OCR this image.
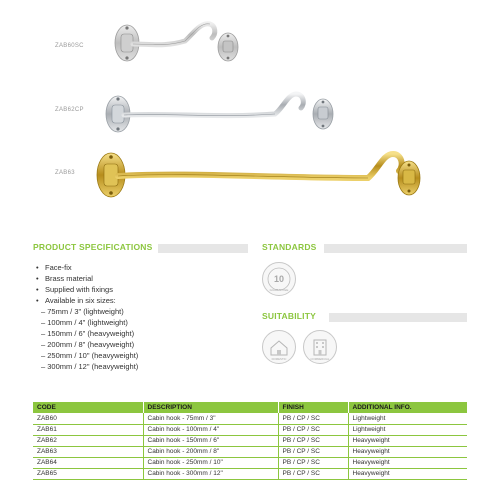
ZAB60SC
ZAB62CP
ZAB63
PRODUCT SPECIFICATIONS	STANDARDS
• Face-fix
• Brass material
• Supplied with fixings
• Available in six sizes:
– 75mm / 3" (lightweight)
– 100mm / 4" (lightweight)
– 150mm / 6" (heavyweight)
– 200mm / 8" (heavyweight)
– 250mm / 10" (heavyweight)
– 300mm / 12" (heavyweight)
10
GUARANTEE
SUITABILITY
DOMESTIC	COMMERCIAL
CODE	DESCRIPTION	FINISH	ADDITIONAL INFO.
ZAB60	Cabin hook - 75mm / 3"	PB / CP / SC	Lightweight
ZAB61	Cabin hook - 100mm / 4"	PB / CP / SC	Lightweight
ZAB62	Cabin hook - 150mm / 6"	PB / CP / SC	Heavyweight
ZAB63	Cabin hook - 200mm / 8"	PB / CP / SC	Heavyweight
ZAB64	Cabin hook - 250mm / 10"	PB / CP / SC	Heavyweight
ZAB65	Cabin hook - 300mm / 12"	PB / CP / SC	Heavyweight
